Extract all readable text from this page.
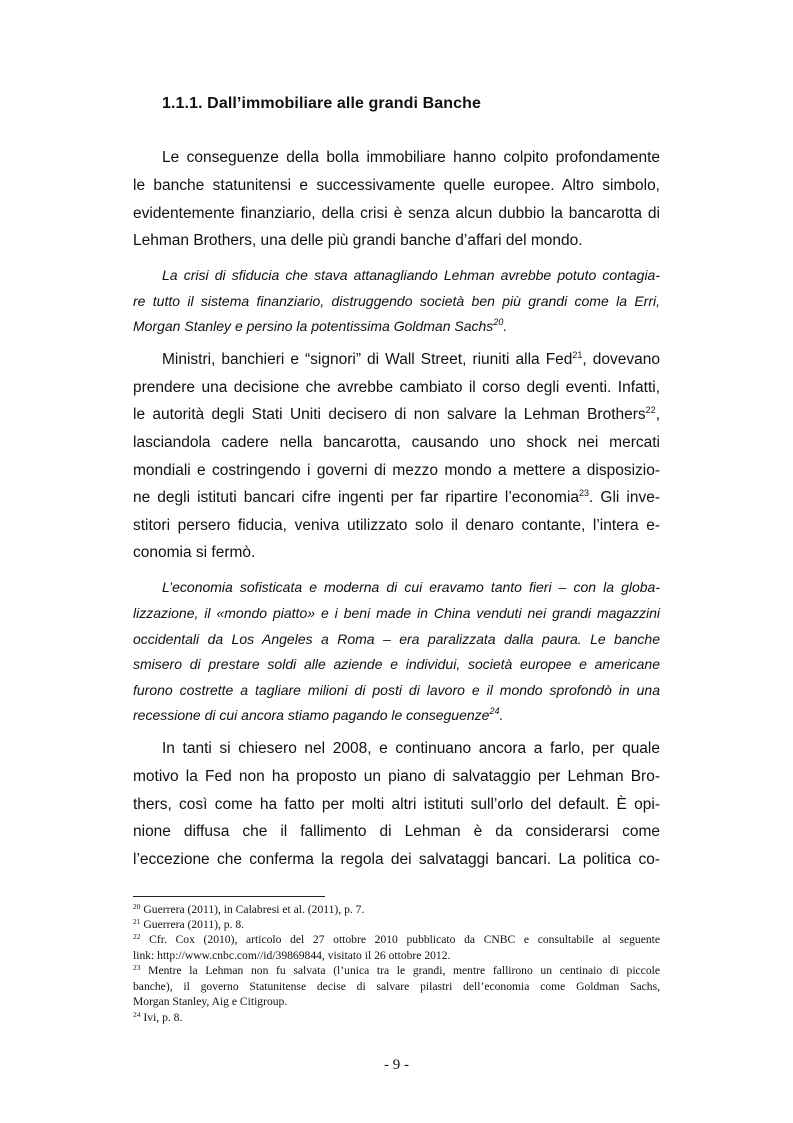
1.1.1. Dall’immobiliare alle grandi Banche
Le conseguenze della bolla immobiliare hanno colpito profondamente
le banche statunitensi e successivamente quelle europee. Altro simbolo,
evidentemente finanziario, della crisi è senza alcun dubbio la bancarotta di
Lehman Brothers, una delle più grandi banche d’affari del mondo.
La crisi di sfiducia che stava attanagliando Lehman avrebbe potuto contagia-
re tutto il sistema finanziario, distruggendo società ben più grandi come la Erri,
Morgan Stanley e persino la potentissima Goldman Sachs$^{20}$.
Ministri, banchieri e “signori” di Wall Street, riuniti alla Fed$^{21}$, dovevano
prendere una decisione che avrebbe cambiato il corso degli eventi. Infatti,
le autorità degli Stati Uniti decisero di non salvare la Lehman Brothers$^{22}$,
lasciandola cadere nella bancarotta, causando uno shock nei mercati
mondiali e costringendo i governi di mezzo mondo a mettere a disposizio-
ne degli istituti bancari cifre ingenti per far ripartire l’economia$^{23}$. Gli inve-
stitori persero fiducia, veniva utilizzato solo il denaro contante, l’intera e-
conomia si fermò.
L’economia sofisticata e moderna di cui eravamo tanto fieri – con la globa-
lizzazione, il «mondo piatto» e i beni made in China venduti nei grandi magazzini
occidentali da Los Angeles a Roma – era paralizzata dalla paura. Le banche
smisero di prestare soldi alle aziende e individui, società europee e americane
furono costrette a tagliare milioni di posti di lavoro e il mondo sprofondò in una
recessione di cui ancora stiamo pagando le conseguenze$^{24}$.
In tanti si chiesero nel 2008, e continuano ancora a farlo, per quale
motivo la Fed non ha proposto un piano di salvataggio per Lehman Bro-
thers, così come ha fatto per molti altri istituti sull’orlo del default. È opi-
nione diffusa che il fallimento di Lehman è da considerarsi come
l’eccezione che conferma la regola dei salvataggi bancari. La politica co-
$^{20}$ Guerrera (2011), in Calabresi et al. (2011), p. 7.
$^{21}$ Guerrera (2011), p. 8.
$^{22}$ Cfr. Cox (2010), articolo del 27 ottobre 2010 pubblicato da CNBC e consultabile al seguente
link: http://www.cnbc.com//id/39869844, visitato il 26 ottobre 2012.
$^{23}$ Mentre la Lehman non fu salvata (l’unica tra le grandi, mentre fallirono un centinaio di piccole
banche), il governo Statunitense decise di salvare pilastri dell’economia come Goldman Sachs,
Morgan Stanley, Aig e Citigroup.
$^{24}$ Ivi, p. 8.
- 9 -
